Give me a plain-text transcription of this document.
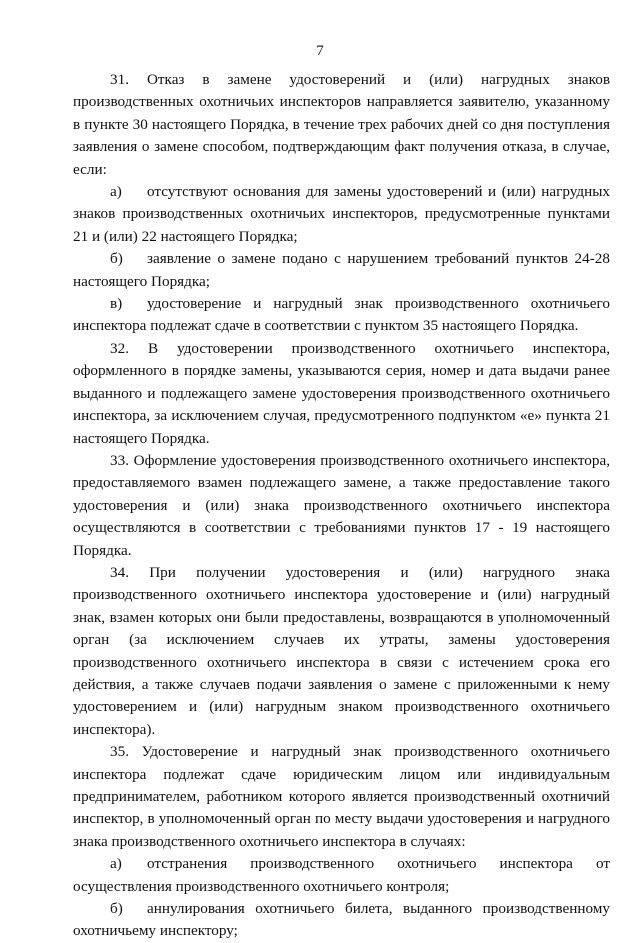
7

31. Отказ в замене удостоверений и (или) нагрудных знаков производственных охотничьих инспекторов направляется заявителю, указанному в пункте 30 настоящего Порядка, в течение трех рабочих дней со дня поступления заявления о замене способом, подтверждающим факт получения отказа, в случае, если:

а) отсутствуют основания для замены удостоверений и (или) нагрудных знаков производственных охотничьих инспекторов, предусмотренные пунктами 21 и (или) 22 настоящего Порядка;

б) заявление о замене подано с нарушением требований пунктов 24-28 настоящего Порядка;

в) удостоверение и нагрудный знак производственного охотничьего инспектора подлежат сдаче в соответствии с пунктом 35 настоящего Порядка.

32. В удостоверении производственного охотничьего инспектора, оформленного в порядке замены, указываются серия, номер и дата выдачи ранее выданного и подлежащего замене удостоверения производственного охотничьего инспектора, за исключением случая, предусмотренного подпунктом «е» пункта 21 настоящего Порядка.

33. Оформление удостоверения производственного охотничьего инспектора, предоставляемого взамен подлежащего замене, а также предоставление такого удостоверения и (или) знака производственного охотничьего инспектора осуществляются в соответствии с требованиями пунктов 17 - 19 настоящего Порядка.

34. При получении удостоверения и (или) нагрудного знака производственного охотничьего инспектора удостоверение и (или) нагрудный знак, взамен которых они были предоставлены, возвращаются в уполномоченный орган (за исключением случаев их утраты, замены удостоверения производственного охотничьего инспектора в связи с истечением срока его действия, а также случаев подачи заявления о замене с приложенными к нему удостоверением и (или) нагрудным знаком производственного охотничьего инспектора).

35. Удостоверение и нагрудный знак производственного охотничьего инспектора подлежат сдаче юридическим лицом или индивидуальным предпринимателем, работником которого является производственный охотничий инспектор, в уполномоченный орган по месту выдачи удостоверения и нагрудного знака производственного охотничьего инспектора в случаях:

а) отстранения производственного охотничьего инспектора от осуществления производственного охотничьего контроля;

б) аннулирования охотничьего билета, выданного производственному охотничьему инспектору;
